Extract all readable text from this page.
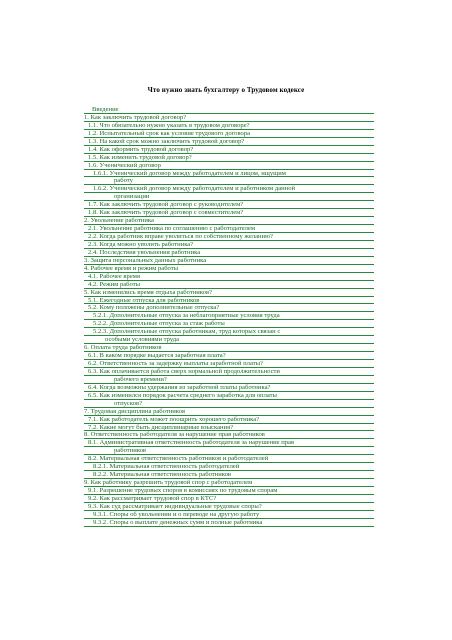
Что нужно знать бухгалтеру о Трудовом кодексе
Введение
1. Как заключить трудовой договор?
1.1. Что обязательно нужно указать в трудовом договоре?
1.2. Испытательный срок как условие трудового договора
1.3. На какой срок можно заключить трудовой договор?
1.4. Как оформить трудовой договор?
1.5. Как изменить трудовой договор?
1.6. Ученический договор
1.6.1. Ученический договор между работодателем и лицом, ищущим
работу
1.6.2. Ученический договор между работодателем и работником данной
организации
1.7. Как заключить трудовой договор с руководителем?
1.8. Как заключить трудовой договор с совместителем?
2. Увольнение работника
2.1. Увольнение работника по соглашению с работодателем
2.2. Когда работник вправе уволиться по собственному желанию?
2.3. Когда можно уволить работника?
2.4. Последствия увольнения работника
3. Защита персональных данных работника
4. Рабочее время и режим работы
4.1. Рабочее время
4.2. Режим работы
5. Как изменились время отдыха работников?
5.1. Ежегодные отпуска для работников
5.2. Кому положены дополнительные отпуска?
5.2.1. Дополнительные отпуска за неблагоприятные условия труда
5.2.2. Дополнительные отпуска за стаж работы
5.2.3. Дополнительные отпуска работникам, труд которых связан с
особыми условиями труда
6. Оплата труда работников
6.1. В каком порядке выдается заработная плата?
6.2. Ответственность за задержку выплаты заработной платы?
6.3. Как оплачивается работа сверх нормальной продолжительности
рабочего времени?
6.4. Когда возможны удержания из заработной платы работника?
6.5. Как изменился порядок расчета среднего заработка для оплаты
отпусков?
7. Трудовая дисциплина работников
7.1. Как работодатель может поощрить хорошего работника?
7.2. Какие могут быть дисциплинарные взыскания?
8. Ответственность работодателя за нарушение прав работников
8.1. Административная ответственность работодателя за нарушение прав
работников
8.2. Материальная ответственность работников и работодателей
8.2.1. Материальная ответственность работодателей
8.2.2. Материальная ответственность работников
9. Как работнику разрешить трудовой спор с работодателем
9.1. Разрешение трудовых споров в комиссиях по трудовым спорам
9.2. Как рассматривает трудовой спор в КТС?
9.3. Как суд рассматривает индивидуальные трудовые споры?
9.3.1. Споры об увольнении и о переводе на другую работу
9.3.2. Споры о выплате денежных сумм и полные работника
